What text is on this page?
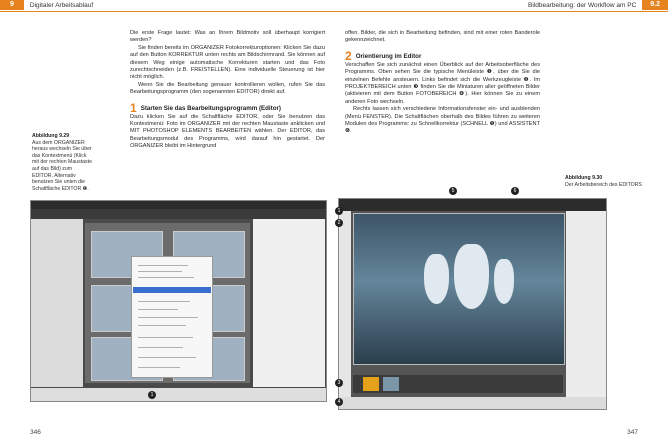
9	Digitaler Arbeitsablauf	Bildbearbeitung: der Workflow am PC	9.2
Abbildung 9.29
Aus dem ORGANIZER heraus wechseln Sie über das Kontextmenü (Klick mit der rechten Maustaste auf das Bild) zum EDITOR. Alternativ benutzen Sie unten die Schaltfläche EDITOR ❶.

Die erste Frage lautet: Was an Ihrem Bildmotiv soll überhaupt korrigiert werden?

Sie finden bereits im ORGANIZER Fotokorrekturoptionen: Klicken Sie dazu auf den Button KORREKTUR unten rechts am Bildschirmrand. Sie können auf diesem Weg einige automatische Korrekturen starten und das Foto zurechtschneiden (z.B. FREISTELLEN). Eine individuelle Steuerung ist hier nicht möglich.

Wenn Sie die Bearbeitung genauer kontrollieren wollen, rufen Sie das Bearbeitungsprogramm (den sogenannten EDITOR) direkt auf.

1 Starten Sie das Bearbeitungsprogramm (Editor)

Dazu klicken Sie auf die Schaltfläche EDITOR, oder Sie benutzen das Kontextmenü: Foto im ORGANIZER mit der rechten Maustaste anklicken und MIT PHOTOSHOP ELEMENTS BEARBEITEN wählen. Der EDITOR, das Bearbeitungsmodul des Programms, wird darauf hin gestartet. Der ORGANIZER bleibt im Hintergrund

offen. Bilder, die sich in Bearbeitung befinden, sind mit einer roten Banderole gekennzeichnet.

2 Orientierung im Editor

Verschaffen Sie sich zunächst einen Überblick auf der Arbeitsoberfläche des Programms. Oben sehen Sie die typische Menüleiste ❶, über die Sie die einzelnen Befehle ansteuern. Links befindet sich die Werkzeugleiste ❷. Im PROJEKTBEREICH unten ❸ finden Sie die Miniaturen aller geöffneten Bilder (aktivieren mit dem Button FOTOBEREICH ❹). Hier können Sie zu einem anderen Foto wechseln.

Rechts lassen sich verschiedene Informationsfenster ein- und ausblenden (Menü FENSTER). Die Schaltflächen oberhalb des Bildes führen zu weiteren Modulen des Programms: zu Schnellkorrektur (SCHNELL ❺) und ASSISTENT ❻.

Abbildung 9.30
Der Arbeitsbereich des EDITORS
1
5	6
1
2
3
4
346	347
